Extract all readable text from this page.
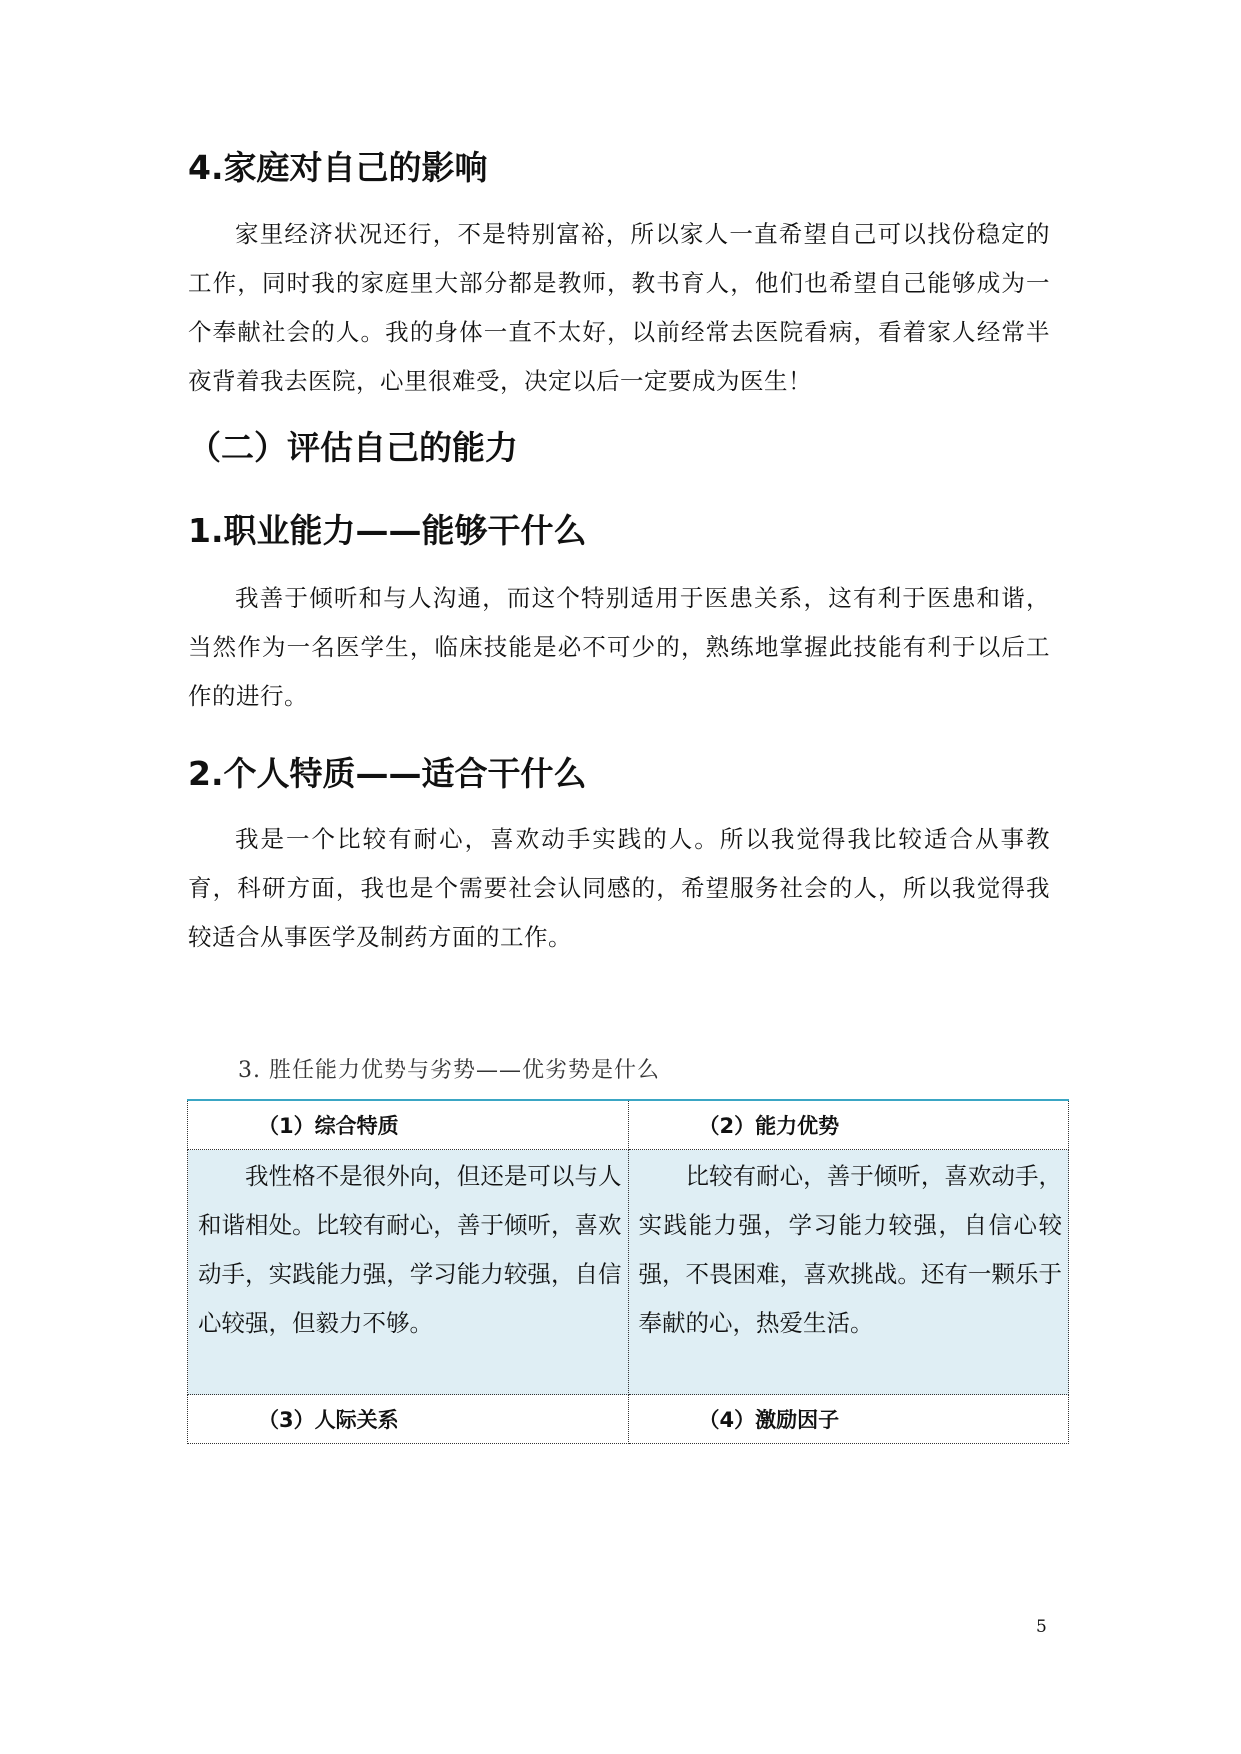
4.家庭对自己的影响

家里经济状况还行，不是特别富裕，所以家人一直希望自己可以找份稳定的工作，同时我的家庭里大部分都是教师，教书育人，他们也希望自己能够成为一个奉献社会的人。我的身体一直不太好，以前经常去医院看病，看着家人经常半夜背着我去医院，心里很难受，决定以后一定要成为医生！

（二）评估自己的能力
1.职业能力——能够干什么

我善于倾听和与人沟通，而这个特别适用于医患关系，这有利于医患和谐，当然作为一名医学生，临床技能是必不可少的，熟练地掌握此技能有利于以后工作的进行。

2.个人特质——适合干什么

我是一个比较有耐心，喜欢动手实践的人。所以我觉得我比较适合从事教育，科研方面，我也是个需要社会认同感的，希望服务社会的人，所以我觉得我较适合从事医学及制药方面的工作。

3. 胜任能力优势与劣势——优劣势是什么

（1）综合特质	（2）能力优势

我性格不是很外向，但还是可以与人和谐相处。比较有耐心，善于倾听，喜欢动手，实践能力强，学习能力较强，自信心较强，但毅力不够。	比较有耐心，善于倾听，喜欢动手，实践能力强，学习能力较强，自信心较强，不畏困难，喜欢挑战。还有一颗乐于奉献的心，热爱生活。

（3）人际关系	（4）激励因子
5
